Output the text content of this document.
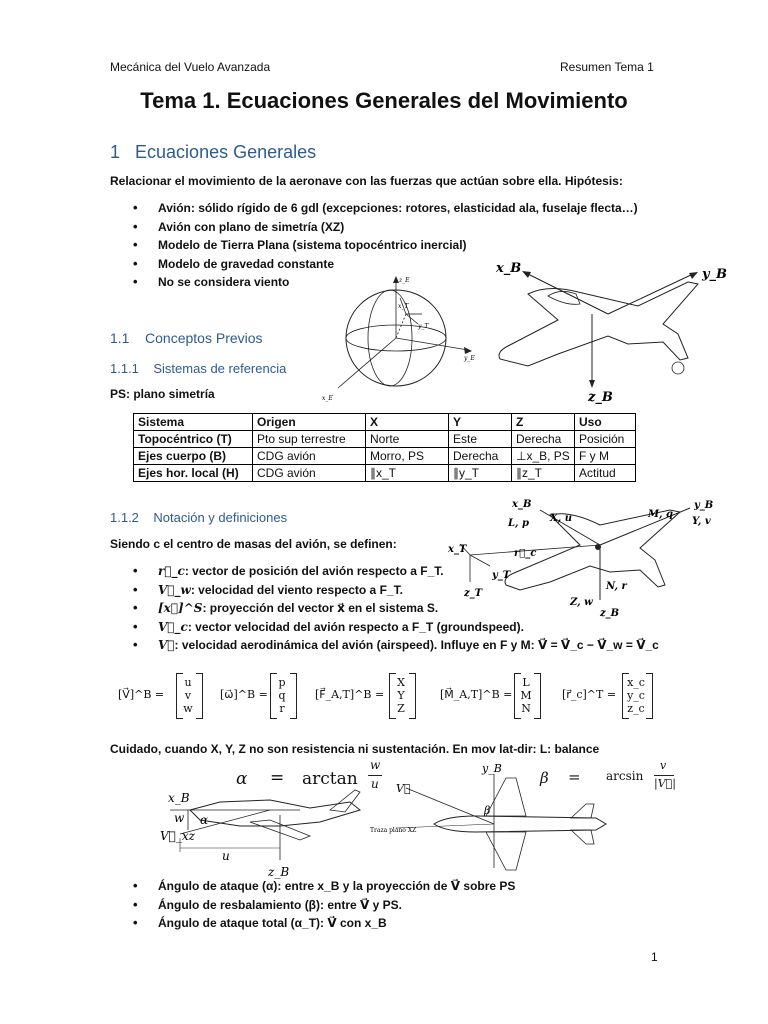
Mecánica del Vuelo Avanzada	Resumen Tema 1
Tema 1. Ecuaciones Generales del Movimiento
1 Ecuaciones Generales
Relacionar el movimiento de la aeronave con las fuerzas que actúan sobre ella. Hipótesis:
• Avión: sólido rígido de 6 gdl (excepciones: rotores, elasticidad ala, fuselaje flecta…)
• Avión con plano de simetría (XZ)
• Modelo de Tierra Plana (sistema topocéntrico inercial)
• Modelo de gravedad constante
• No se considera viento	z_E
x_T
y_T
y_E
x_E
x_B	y_B
z_B
1.1 Conceptos Previos
1.1.1 Sistemas de referencia
PS: plano simetría
Sistema	Origen	X	Y	Z	Uso
Topocéntrico (T)	Pto sup terrestre	Norte	Este	Derecha	Posición
Ejes cuerpo (B)	CDG avión	Morro, PS	Derecha	⊥x_B, PS	F y M
Ejes hor. local (H)	CDG avión	∥x_T	∥y_T	∥z_T	Actitud
1.1.2 Notación y definiciones
Siendo c el centro de masas del avión, se definen:
• r⃗_c: vector de posición del avión respecto a F_T.
• V⃗_w: velocidad del viento respecto a F_T.
• [x⃗]^S: proyección del vector x⃗ en el sistema S.
• V⃗_c: vector velocidad del avión respecto a F_T (groundspeed).
• V⃗: velocidad aerodinámica del avión (airspeed). Influye en F y M: V⃗ = V⃗_c − V⃗_w = V⃗_c
x_B
L, p X, u	M, q
y_B
Y, v
x_T
y_T
z_T
r⃗_c
N, r
Z, w
z_B
[V⃗]^B =
u
v
w
[ω⃗]^B =
p
q
r
[F⃗_A,T]^B =
X
Y
Z
[M⃗_A,T]^B =
L
M
N
[r⃗_c]^T =
x_c
y_c
z_c
Cuidado, cuando X, Y, Z no son resistencia ni sustentación. En mov lat-dir: L: balance
α = arctan
w
u	β = arcsin
v
|V⃗|
x_B
w α
V⃗_xz
u
z_B
y_B
V⃗
β
Traza plano XZ
• Ángulo de ataque (α): entre x_B y la proyección de V⃗ sobre PS
• Ángulo de resbalamiento (β): entre V⃗ y PS.
• Ángulo de ataque total (α_T): V⃗ con x_B
1
